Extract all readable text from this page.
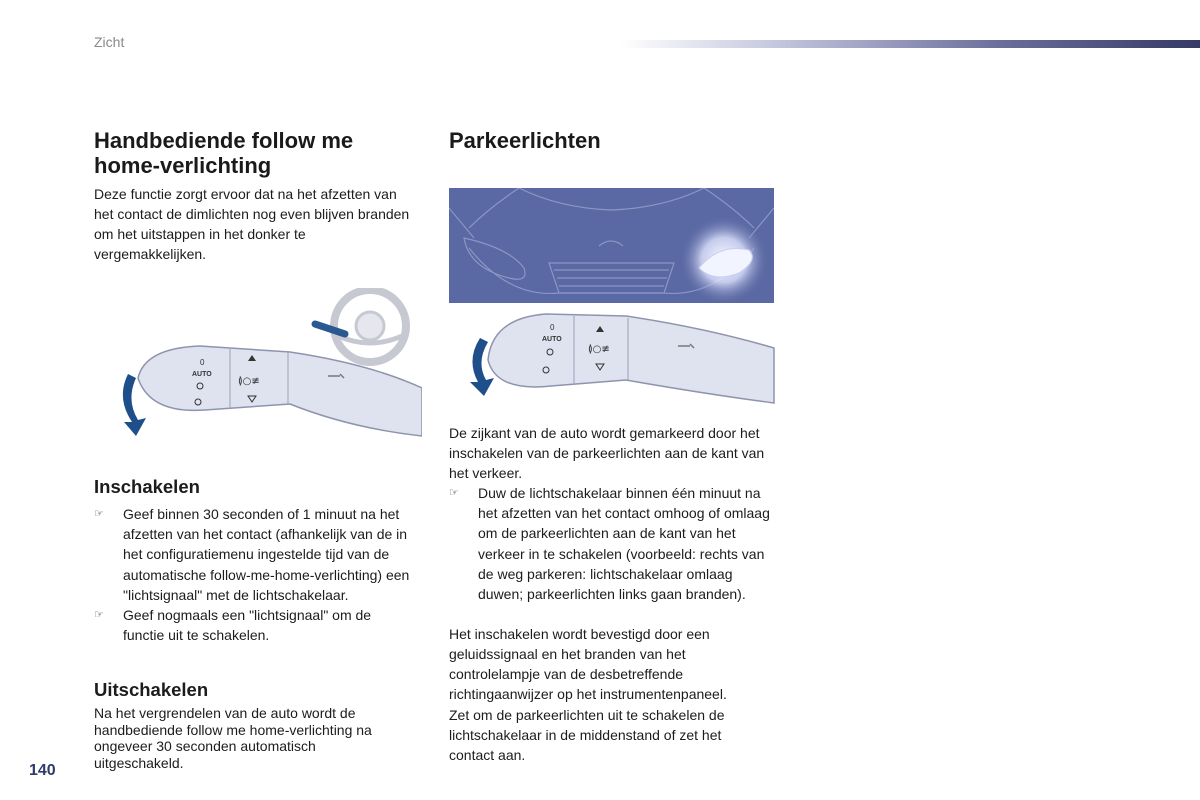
Zicht
Handbediende follow me home-verlichting

Deze functie zorgt ervoor dat na het afzetten van het contact de dimlichten nog even blijven branden om het uitstappen in het donker te vergemakkelijken.

0
AUTO
≬○≢
Inschakelen
☞ Geef binnen 30 seconden of 1 minuut na het afzetten van het contact (afhankelijk van de in het configuratiemenu ingestelde tijd van de automatische follow-me-home-verlichting) een "lichtsignaal" met de lichtschakelaar.
☞ Geef nogmaals een "lichtsignaal" om de functie uit te schakelen.
Uitschakelen

Na het vergrendelen van de auto wordt de handbediende follow me home-verlichting na ongeveer 30 seconden automatisch uitgeschakeld.

140
Parkeerlichten
0
AUTO
≬○≢

De zijkant van de auto wordt gemarkeerd door het inschakelen van de parkeerlichten aan de kant van het verkeer.

☞ Duw de lichtschakelaar binnen één minuut na het afzetten van het contact omhoog of omlaag om de parkeerlichten aan de kant van het verkeer in te schakelen (voorbeeld: rechts van de weg parkeren: lichtschakelaar omlaag duwen; parkeerlichten links gaan branden).

Het inschakelen wordt bevestigd door een geluidssignaal en het branden van het controlelampje van de desbetreffende richtingaanwijzer op het instrumentenpaneel.

Zet om de parkeerlichten uit te schakelen de lichtschakelaar in de middenstand of zet het contact aan.
